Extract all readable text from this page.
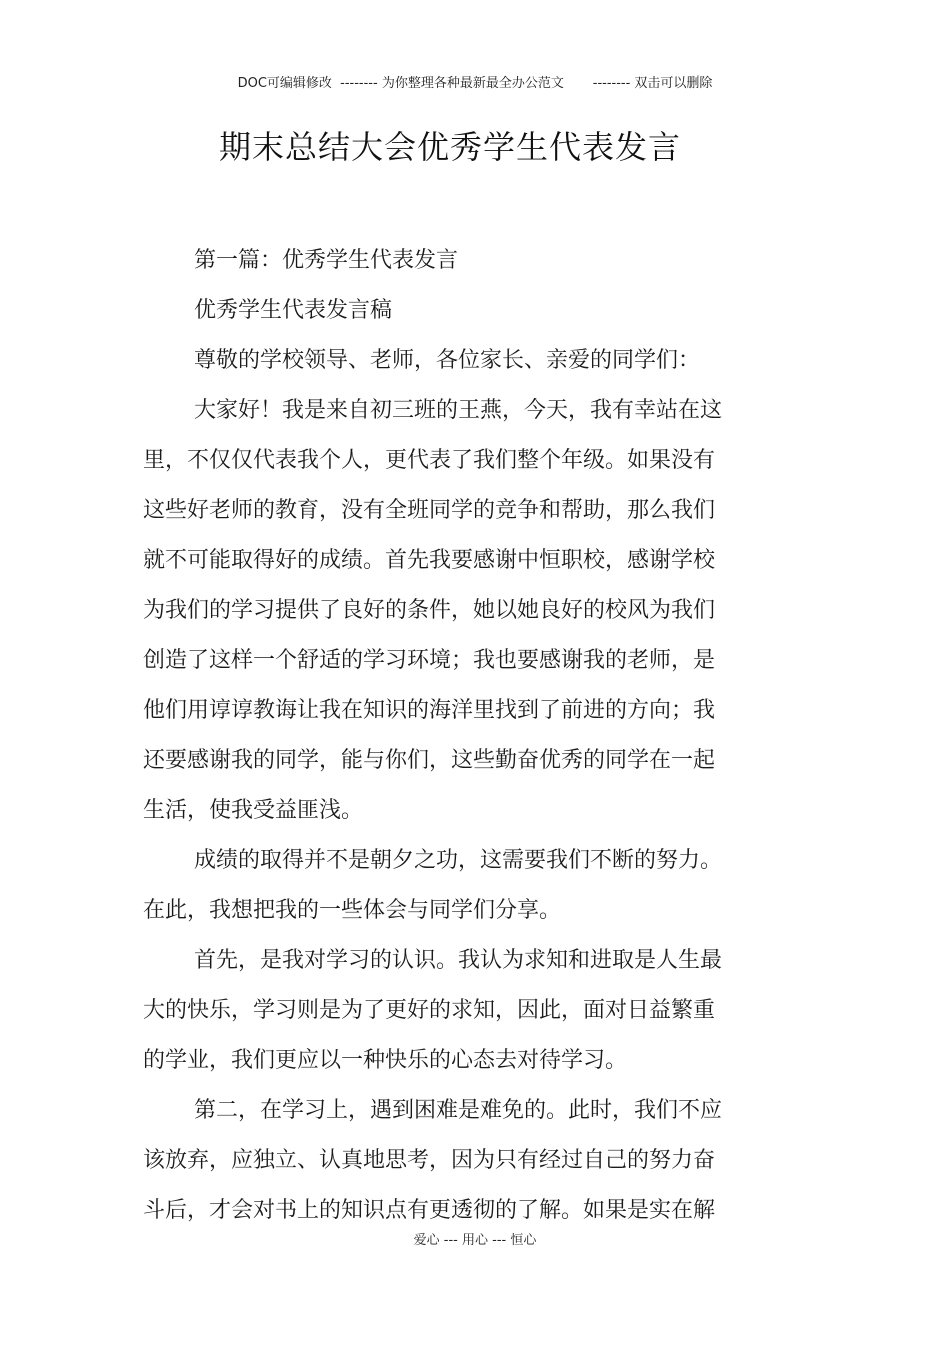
DOC可编辑修改  -------- 为你整理各种最新最全办公范文       -------- 双击可以删除
期末总结大会优秀学生代表发言
第一篇：优秀学生代表发言
优秀学生代表发言稿
尊敬的学校领导、老师，各位家长、亲爱的同学们：
大家好！我是来自初三班的王燕，今天，我有幸站在这
里，不仅仅代表我个人，更代表了我们整个年级。如果没有
这些好老师的教育，没有全班同学的竞争和帮助，那么我们
就不可能取得好的成绩。首先我要感谢中恒职校，感谢学校
为我们的学习提供了良好的条件，她以她良好的校风为我们
创造了这样一个舒适的学习环境；我也要感谢我的老师，是
他们用谆谆教诲让我在知识的海洋里找到了前进的方向；我
还要感谢我的同学，能与你们，这些勤奋优秀的同学在一起
生活，使我受益匪浅。
成绩的取得并不是朝夕之功，这需要我们不断的努力。
在此，我想把我的一些体会与同学们分享。
首先，是我对学习的认识。我认为求知和进取是人生最
大的快乐，学习则是为了更好的求知，因此，面对日益繁重
的学业，我们更应以一种快乐的心态去对待学习。
第二，在学习上，遇到困难是难免的。此时，我们不应
该放弃，应独立、认真地思考，因为只有经过自己的努力奋
斗后，才会对书上的知识点有更透彻的了解。如果是实在解
爱心 --- 用心 --- 恒心
